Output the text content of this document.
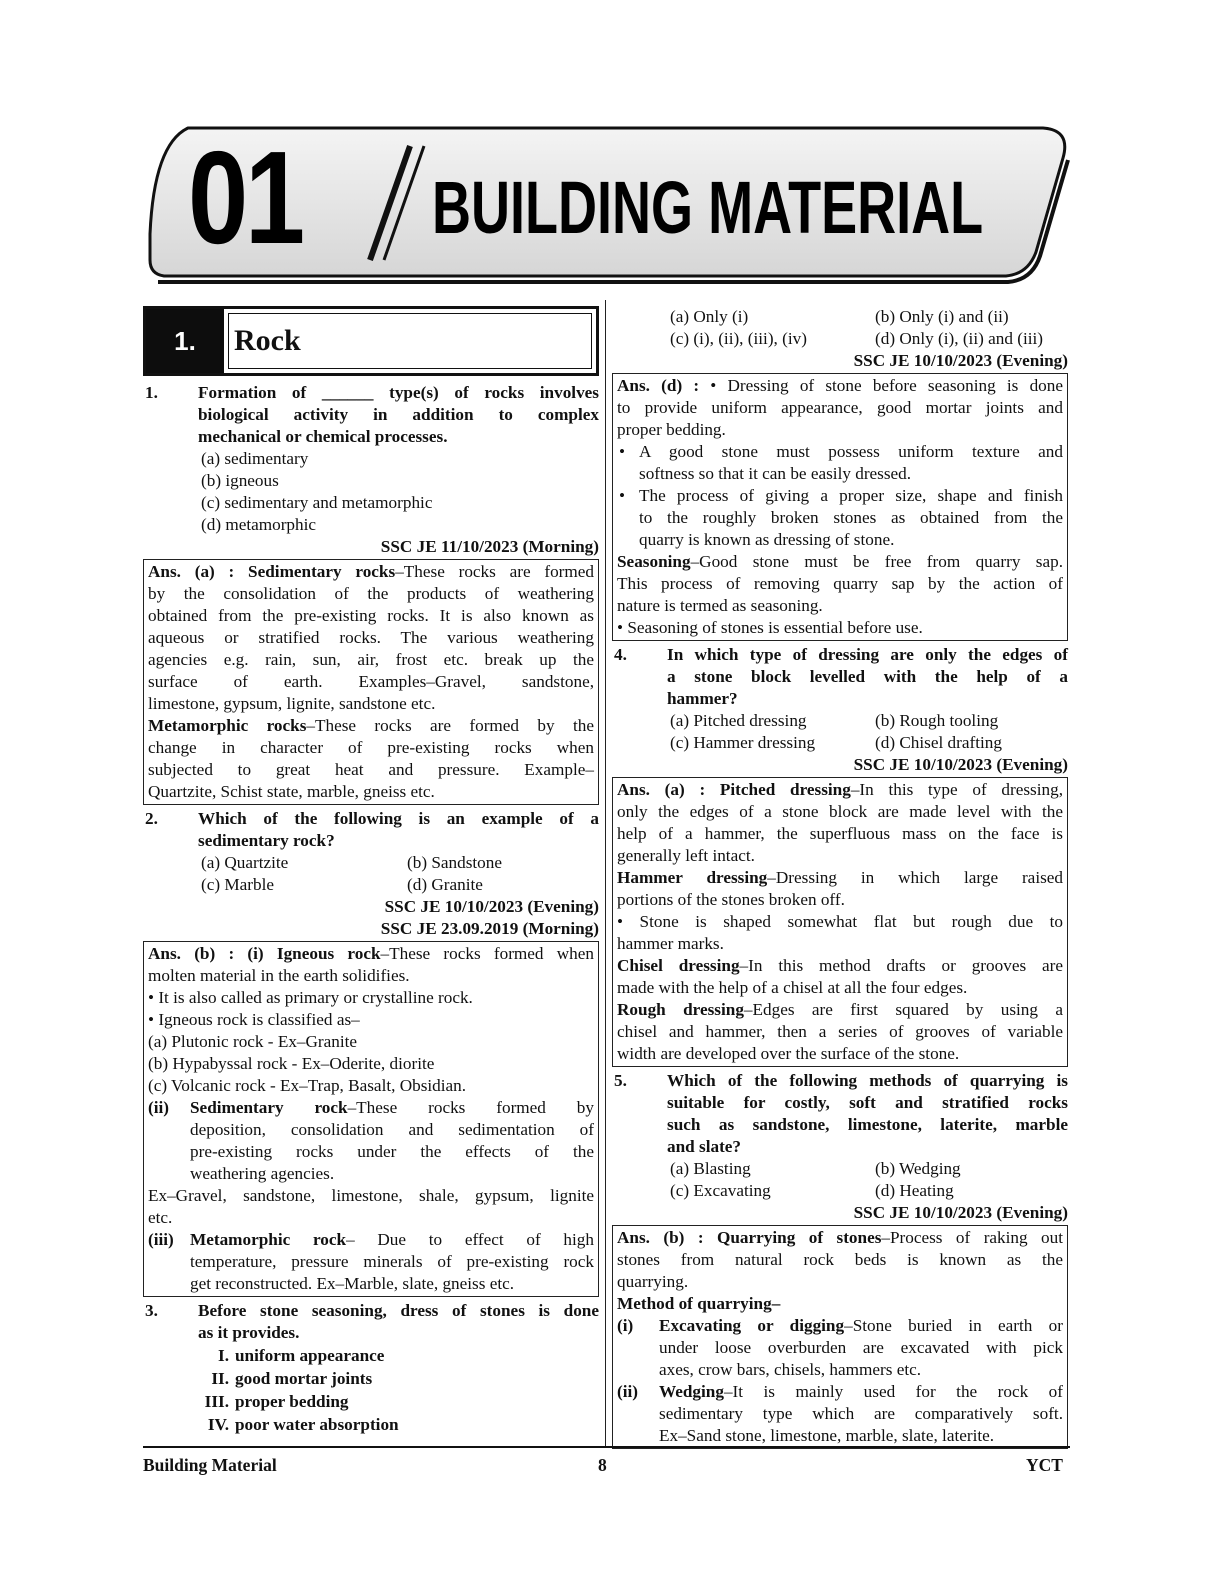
01 BUILDING MATERIAL
1.	Rock
1.	Formation of ______ type(s) of rocks involves
biological activity in addition to complex
mechanical or chemical processes.
(a) sedimentary
(b) igneous
(c) sedimentary and metamorphic
(d) metamorphic
SSC JE 11/10/2023 (Morning)
Ans. (a) : Sedimentary rocks–These rocks are formed
by the consolidation of the products of weathering
obtained from the pre-existing rocks. It is also known as
aqueous or stratified rocks. The various weathering
agencies e.g. rain, sun, air, frost etc. break up the
surface of earth. Examples–Gravel, sandstone,
limestone, gypsum, lignite, sandstone etc.
Metamorphic rocks–These rocks are formed by the
change in character of pre-existing rocks when
subjected to great heat and pressure. Example–
Quartzite, Schist state, marble, gneiss etc.
2.	Which of the following is an example of a
sedimentary rock?
(a) Quartzite	(b) Sandstone
(c) Marble	(d) Granite
SSC JE 10/10/2023 (Evening)
SSC JE 23.09.2019 (Morning)
Ans. (b) : (i) Igneous rock–These rocks formed when
molten material in the earth solidifies.
• It is also called as primary or crystalline rock.
• Igneous rock is classified as–
(a) Plutonic rock - Ex–Granite
(b) Hypabyssal rock - Ex–Oderite, diorite
(c) Volcanic rock - Ex–Trap, Basalt, Obsidian.
(ii)	Sedimentary rock–These rocks formed by
deposition, consolidation and sedimentation of
pre-existing rocks under the effects of the
weathering agencies.
Ex–Gravel, sandstone, limestone, shale, gypsum, lignite
etc.
(iii) Metamorphic rock– Due to effect of high
temperature, pressure minerals of pre-existing rock
get reconstructed. Ex–Marble, slate, gneiss etc.
3.	Before stone seasoning, dress of stones is done
as it provides.
I. uniform appearance
II. good mortar joints
III. proper bedding
IV. poor water absorption
(a) Only (i)	(b) Only (i) and (ii)
(c) (i), (ii), (iii), (iv)	(d) Only (i), (ii) and (iii)
SSC JE 10/10/2023 (Evening)
Ans. (d) : • Dressing of stone before seasoning is done
to provide uniform appearance, good mortar joints and
proper bedding.
• A good stone must possess uniform texture and
softness so that it can be easily dressed.
• The process of giving a proper size, shape and finish
to the roughly broken stones as obtained from the
quarry is known as dressing of stone.
Seasoning–Good stone must be free from quarry sap.
This process of removing quarry sap by the action of
nature is termed as seasoning.
• Seasoning of stones is essential before use.
4.	In which type of dressing are only the edges of
a stone block levelled with the help of a
hammer?
(a) Pitched dressing	(b) Rough tooling
(c) Hammer dressing	(d) Chisel drafting
SSC JE 10/10/2023 (Evening)
Ans. (a) : Pitched dressing–In this type of dressing,
only the edges of a stone block are made level with the
help of a hammer, the superfluous mass on the face is
generally left intact.
Hammer dressing–Dressing in which large raised
portions of the stones broken off.
• Stone is shaped somewhat flat but rough due to
hammer marks.
Chisel dressing–In this method drafts or grooves are
made with the help of a chisel at all the four edges.
Rough dressing–Edges are first squared by using a
chisel and hammer, then a series of grooves of variable
width are developed over the surface of the stone.
5.	Which of the following methods of quarrying is
suitable for costly, soft and stratified rocks
such as sandstone, limestone, laterite, marble
and slate?
(a) Blasting	(b) Wedging
(c) Excavating	(d) Heating
SSC JE 10/10/2023 (Evening)
Ans. (b) : Quarrying of stones–Process of raking out
stones from natural rock beds is known as the
quarrying.
Method of quarrying–
(i)	Excavating or digging–Stone buried in earth or
under loose overburden are excavated with pick
axes, crow bars, chisels, hammers etc.
(ii)	Wedging–It is mainly used for the rock of
sedimentary type which are comparatively soft.
Ex–Sand stone, limestone, marble, slate, laterite.
Building Material	8	YCT
